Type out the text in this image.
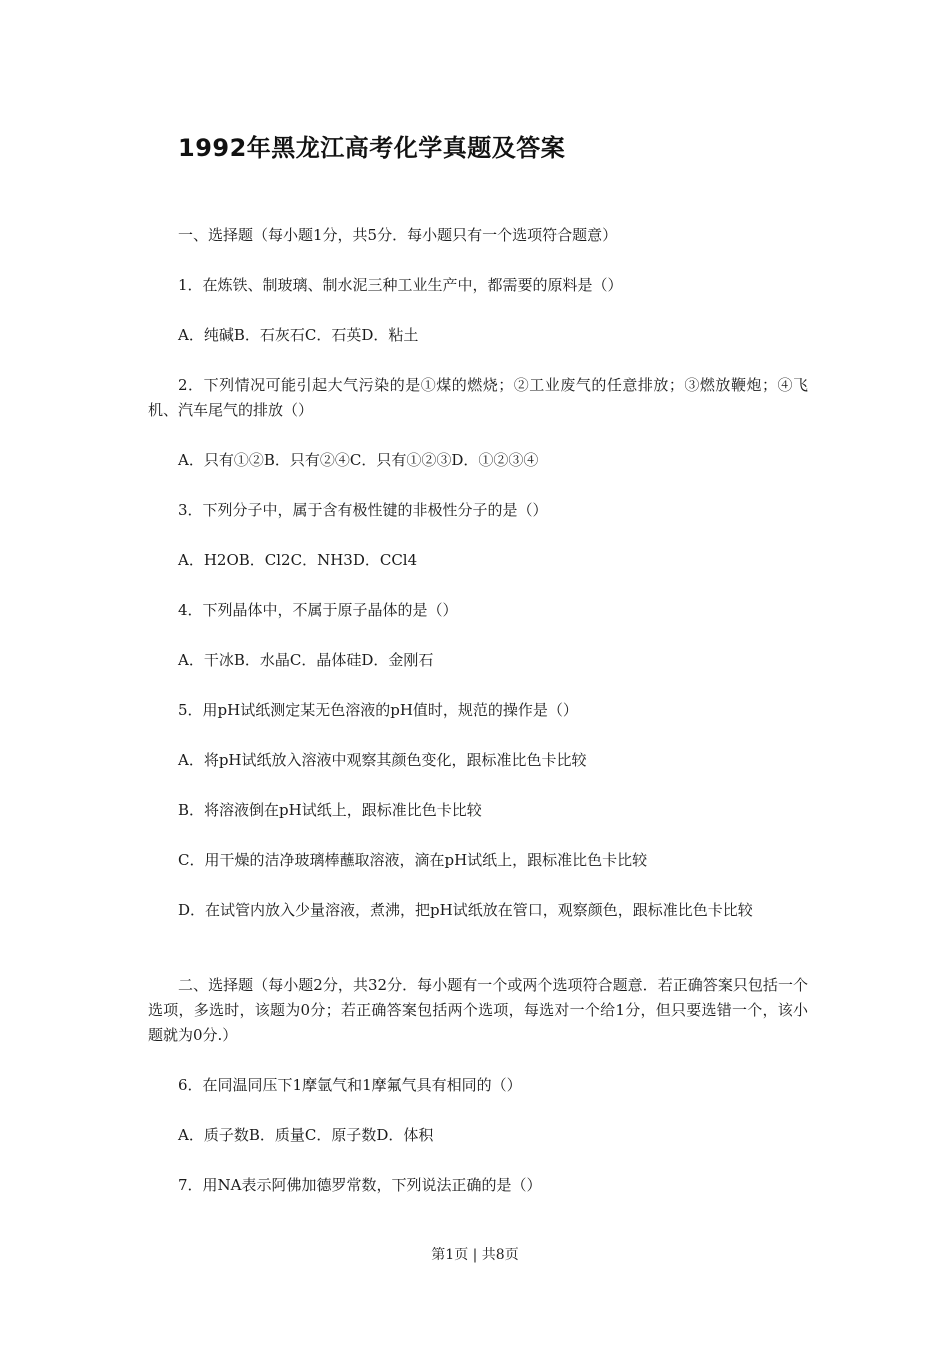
1992年黑龙江高考化学真题及答案
一、选择题（每小题1分，共5分．每小题只有一个选项符合题意）
1．在炼铁、制玻璃、制水泥三种工业生产中，都需要的原料是（）
A．纯碱B．石灰石C．石英D．粘土
2．下列情况可能引起大气污染的是①煤的燃烧；②工业废气的任意排放；③燃放鞭炮；④飞机、汽车尾气的排放（）
A．只有①②B．只有②④C．只有①②③D．①②③④
3．下列分子中，属于含有极性键的非极性分子的是（）
A．H2OB．Cl2C．NH3D．CCl4
4．下列晶体中，不属于原子晶体的是（）
A．干冰B．水晶C．晶体硅D．金刚石
5．用pH试纸测定某无色溶液的pH值时，规范的操作是（）
A．将pH试纸放入溶液中观察其颜色变化，跟标准比色卡比较
B．将溶液倒在pH试纸上，跟标准比色卡比较
C．用干燥的洁净玻璃棒蘸取溶液，滴在pH试纸上，跟标准比色卡比较
D．在试管内放入少量溶液，煮沸，把pH试纸放在管口，观察颜色，跟标准比色卡比较
二、选择题（每小题2分，共32分．每小题有一个或两个选项符合题意．若正确答案只包括一个选项，多选时，该题为0分；若正确答案包括两个选项，每选对一个给1分，但只要选错一个，该小题就为0分.）
6．在同温同压下1摩氩气和1摩氟气具有相同的（）
A．质子数B．质量C．原子数D．体积
7．用NA表示阿佛加德罗常数，下列说法正确的是（）
第1页 | 共8页
